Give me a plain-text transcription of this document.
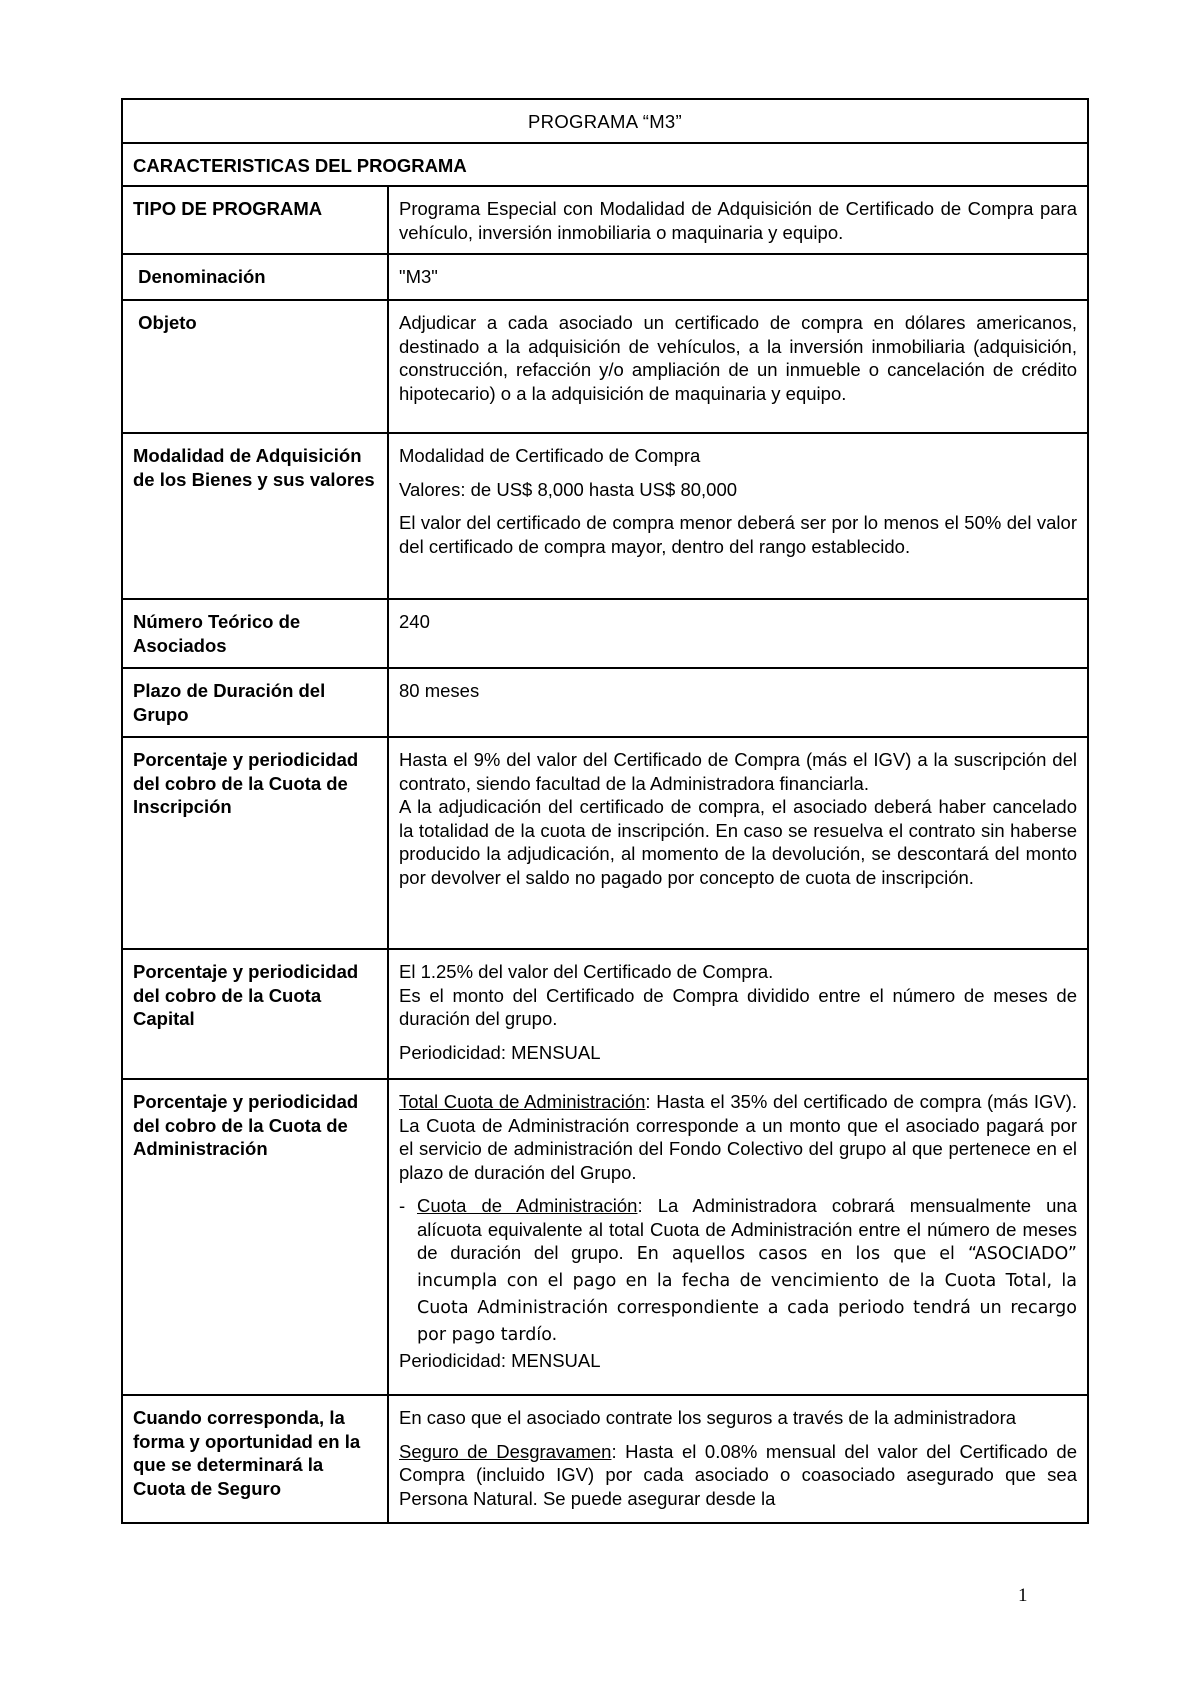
PROGRAMA “M3”	
CARACTERISTICAS DEL PROGRAMA	
TIPO DE PROGRAMA	Programa Especial con Modalidad de Adquisición de Certificado de Compra para vehículo, inversión inmobiliaria o maquinaria y equipo.
Denominación	"M3"
Objeto	Adjudicar a cada asociado un certificado de compra en dólares americanos, destinado a la adquisición de vehículos, a la inversión inmobiliaria (adquisición, construcción, refacción y/o ampliación de un inmueble o cancelación de crédito hipotecario) o a la adquisición de maquinaria y equipo.
Modalidad de Adquisición de los Bienes y sus valores	Modalidad de Certificado de Compra

Valores: de US$ 8,000 hasta US$ 80,000

El valor del certificado de compra menor deberá ser por lo menos el 50% del valor del certificado de compra mayor, dentro del rango establecido.

Número Teórico de Asociados	240
Plazo de Duración del Grupo	80 meses
Porcentaje y periodicidad del cobro de la Cuota de Inscripción	Hasta el 9% del valor del Certificado de Compra (más el IGV) a la suscripción del contrato, siendo facultad de la Administradora financiarla.

A la adjudicación del certificado de compra, el asociado deberá haber cancelado la totalidad de la cuota de inscripción. En caso se resuelva el contrato sin haberse producido la adjudicación, al momento de la devolución, se descontará del monto por devolver el saldo no pagado por concepto de cuota de inscripción.

Porcentaje y periodicidad del cobro de la Cuota Capital	El 1.25% del valor del Certificado de Compra.

Es el monto del Certificado de Compra dividido entre el número de meses de duración del grupo.

Periodicidad: MENSUAL

Porcentaje y periodicidad del cobro de la Cuota de Administración	Total Cuota de Administración: Hasta el 35% del certificado de compra (más IGV). La Cuota de Administración corresponde a un monto que el asociado pagará por el servicio de administración del Fondo Colectivo del grupo al que pertenece en el plazo de duración del Grupo.

- Cuota de Administración: La Administradora cobrará mensualmente una alícuota equivalente al total Cuota de Administración entre el número de meses de duración del grupo. En aquellos casos en los que el “ASOCIADO” incumpla con el pago en la fecha de vencimiento de la Cuota Total, la Cuota Administración correspondiente a cada periodo tendrá un recargo por pago tardío.

Periodicidad: MENSUAL

Cuando corresponda, la forma y oportunidad en la que se determinará la Cuota de Seguro	En caso que el asociado contrate los seguros a través de la administradora

Seguro de Desgravamen: Hasta el 0.08% mensual del valor del Certificado de Compra (incluido IGV) por cada asociado o coasociado asegurado que sea Persona Natural. Se puede asegurar desde la

1
